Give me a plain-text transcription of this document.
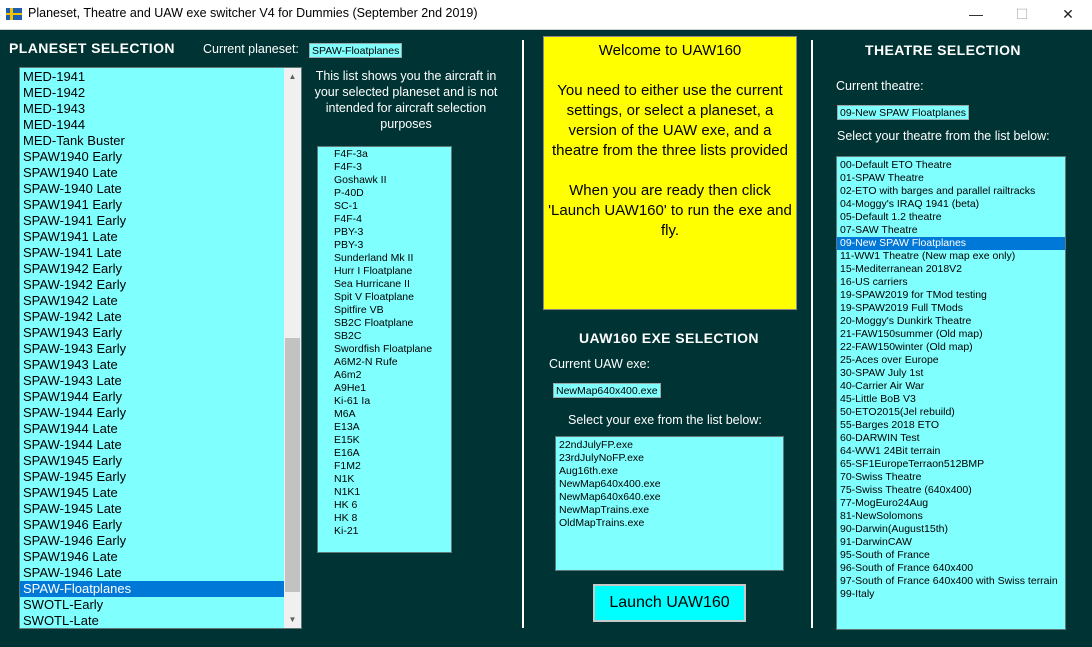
Planeset, Theatre and UAW exe switcher V4 for Dummies (September 2nd 2019)	—	☐	✕
PLANESET SELECTION Current planeset: SPAW-Floatplanes
MED-1941
MED-1942
MED-1943
MED-1944
MED-Tank Buster
SPAW1940 Early
SPAW1940 Late
SPAW-1940 Late
SPAW1941 Early
SPAW-1941 Early
SPAW1941 Late
SPAW-1941 Late
SPAW1942 Early
SPAW-1942 Early
SPAW1942 Late
SPAW-1942 Late
SPAW1943 Early
SPAW-1943 Early
SPAW1943 Late
SPAW-1943 Late
SPAW1944 Early
SPAW-1944 Early
SPAW1944 Late
SPAW-1944 Late
SPAW1945 Early
SPAW-1945 Early
SPAW1945 Late
SPAW-1945 Late
SPAW1946 Early
SPAW-1946 Early
SPAW1946 Late
SPAW-1946 Late
SPAW-Floatplanes
SWOTL-Early
SWOTL-Late
▲
▼
This list shows you the aircraft in your selected planeset and is not intended for aircraft selection purposes
F4F-3a
F4F-3
Goshawk II
P-40D
SC-1
F4F-4
PBY-3
PBY-3
Sunderland Mk II
Hurr I Floatplane
Sea Hurricane II
Spit V Floatplane
Spitfire VB
SB2C Floatplane
SB2C
Swordfish Floatplane
A6M2-N Rufe
A6m2
A9He1
Ki-61 Ia
M6A
E13A
E15K
E16A
F1M2
N1K
N1K1
HK 6
HK 8
Ki-21

Welcome to UAW160

You need to either use the current settings, or select a planeset, a version of the UAW exe, and a theatre from the three lists provided

When you are ready then click 'Launch UAW160' to run the exe and fly.

UAW160 EXE SELECTION
Current UAW exe:
NewMap640x400.exe
Select your exe from the list below:
22ndJulyFP.exe
23rdJulyNoFP.exe
Aug16th.exe
NewMap640x400.exe
NewMap640x640.exe
NewMapTrains.exe
OldMapTrains.exe
Launch UAW160
THEATRE SELECTION
Current theatre:
09-New SPAW Floatplanes
Select your theatre from the list below:
00-Default ETO Theatre
01-SPAW Theatre
02-ETO with barges and parallel railtracks
04-Moggy's IRAQ 1941 (beta)
05-Default 1.2 theatre
07-SAW Theatre
09-New SPAW Floatplanes
11-WW1 Theatre (New map exe only)
15-Mediterranean 2018V2
16-US carriers
19-SPAW2019 for TMod testing
19-SPAW2019 Full TMods
20-Moggy's Dunkirk Theatre
21-FAW150summer (Old map)
22-FAW150winter (Old map)
25-Aces over Europe
30-SPAW July 1st
40-Carrier Air War
45-Little BoB V3
50-ETO2015(Jel rebuild)
55-Barges 2018 ETO
60-DARWIN Test
64-WW1 24Bit terrain
65-SF1EuropeTerraon512BMP
70-Swiss Theatre
75-Swiss Theatre (640x400)
77-MogEuro24Aug
81-NewSolomons
90-Darwin(August15th)
91-DarwinCAW
95-South of France
96-South of France 640x400
97-South of France 640x400 with Swiss terrain
99-Italy
